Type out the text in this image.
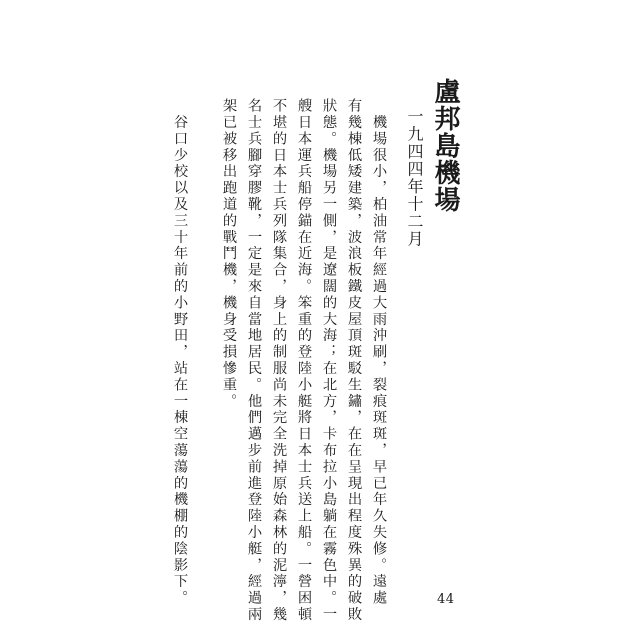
盧邦島機場
一九四四年十二月
　機場很小，柏油常年經過大雨沖刷，裂痕斑斑，早已年久失修。遠處
有幾棟低矮建築，波浪板鐵皮屋頂斑駁生鏽，在在呈現出程度殊異的破敗
狀態。機場另一側，是遼闊的大海；在北方，卡布拉小島躺在霧色中。一
艘日本運兵船停錨在近海。笨重的登陸小艇將日本士兵送上船。一營困頓
不堪的日本士兵列隊集合，身上的制服尚未完全洗掉原始森林的泥濘，幾
名士兵腳穿膠靴，一定是來自當地居民。他們邁步前進登陸小艇，經過兩
架已被移出跑道的戰鬥機，機身受損慘重。
　谷口少校以及三十年前的小野田，站在一棟空蕩蕩的機棚的陰影下。	44
